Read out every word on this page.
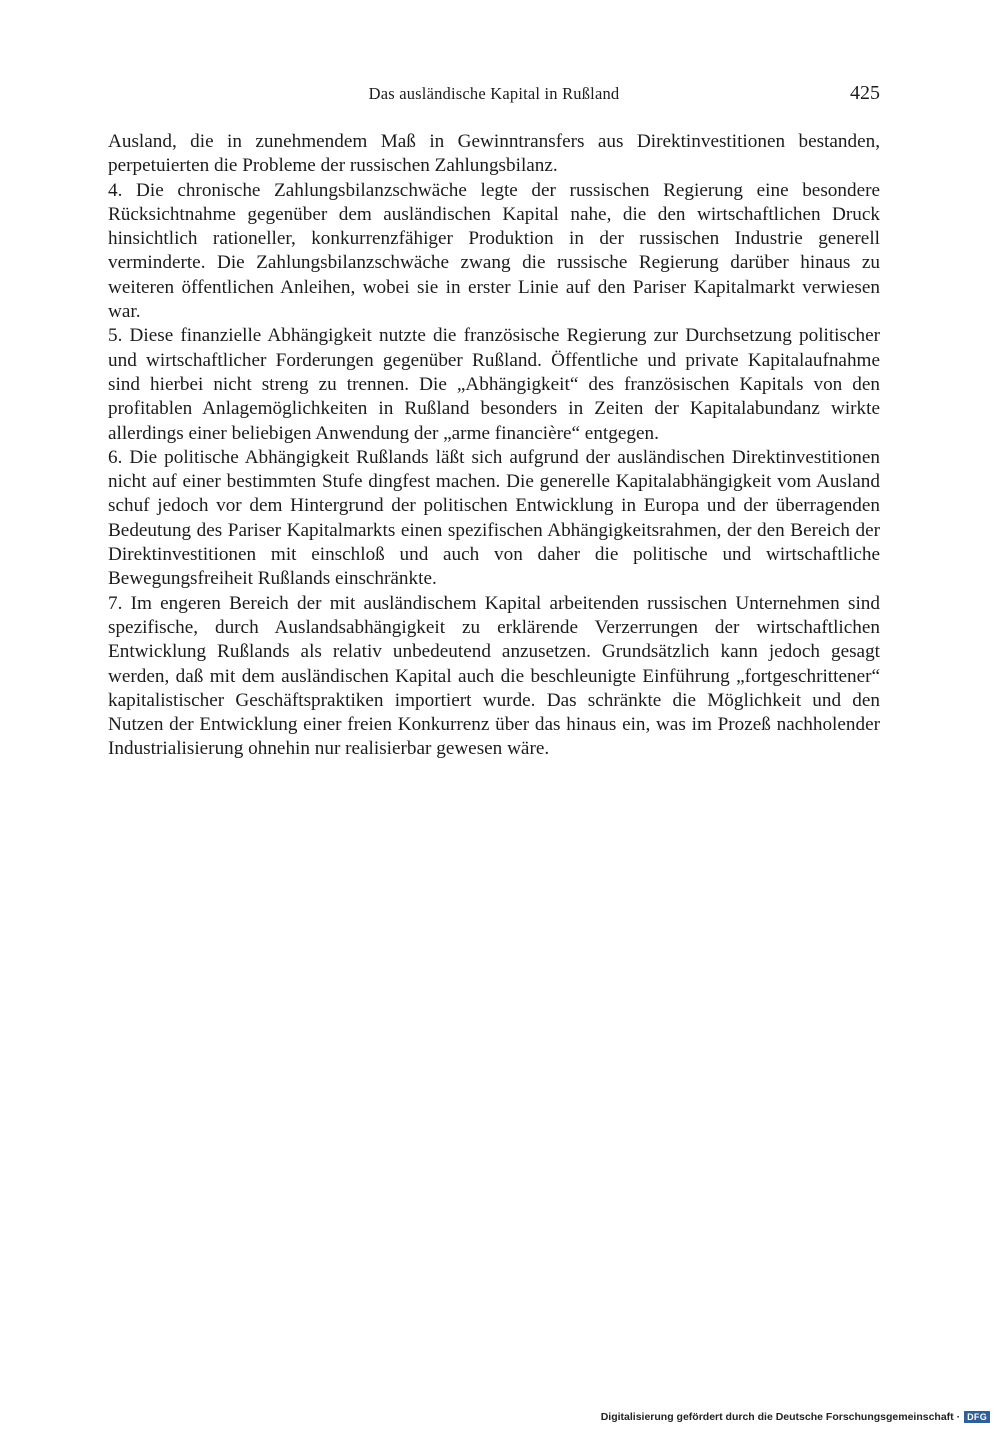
Das ausländische Kapital in Rußland	425

Ausland, die in zunehmendem Maß in Gewinntransfers aus Direktinvestitionen bestanden, perpetuierten die Probleme der russischen Zahlungsbilanz.

4. Die chronische Zahlungsbilanzschwäche legte der russischen Regierung eine besondere Rücksichtnahme gegenüber dem ausländischen Kapital nahe, die den wirtschaftlichen Druck hinsichtlich rationeller, konkurrenzfähiger Produktion in der russischen Industrie generell verminderte. Die Zahlungsbilanzschwäche zwang die russische Regierung darüber hinaus zu weiteren öffentlichen Anleihen, wobei sie in erster Linie auf den Pariser Kapitalmarkt verwiesen war.

5. Diese finanzielle Abhängigkeit nutzte die französische Regierung zur Durchsetzung politischer und wirtschaftlicher Forderungen gegenüber Rußland. Öffentliche und private Kapitalaufnahme sind hierbei nicht streng zu trennen. Die „Abhängigkeit“ des französischen Kapitals von den profitablen Anlagemöglichkeiten in Rußland besonders in Zeiten der Kapitalabundanz wirkte allerdings einer beliebigen Anwendung der „arme financière“ entgegen.

6. Die politische Abhängigkeit Rußlands läßt sich aufgrund der ausländischen Direktinvestitionen nicht auf einer bestimmten Stufe dingfest machen. Die generelle Kapitalabhängigkeit vom Ausland schuf jedoch vor dem Hintergrund der politischen Entwicklung in Europa und der überragenden Bedeutung des Pariser Kapitalmarkts einen spezifischen Abhängigkeitsrahmen, der den Bereich der Direktinvestitionen mit einschloß und auch von daher die politische und wirtschaftliche Bewegungsfreiheit Rußlands einschränkte.

7. Im engeren Bereich der mit ausländischem Kapital arbeitenden russischen Unternehmen sind spezifische, durch Auslandsabhängigkeit zu erklärende Verzerrungen der wirtschaftlichen Entwicklung Rußlands als relativ unbedeutend anzusetzen. Grundsätzlich kann jedoch gesagt werden, daß mit dem ausländischen Kapital auch die beschleunigte Einführung „fortgeschrittener“ kapitalistischer Geschäftspraktiken importiert wurde. Das schränkte die Möglichkeit und den Nutzen der Entwicklung einer freien Konkurrenz über das hinaus ein, was im Prozeß nachholender Industrialisierung ohnehin nur realisierbar gewesen wäre.

Digitalisierung gefördert durch die Deutsche Forschungsgemeinschaft · DFG
